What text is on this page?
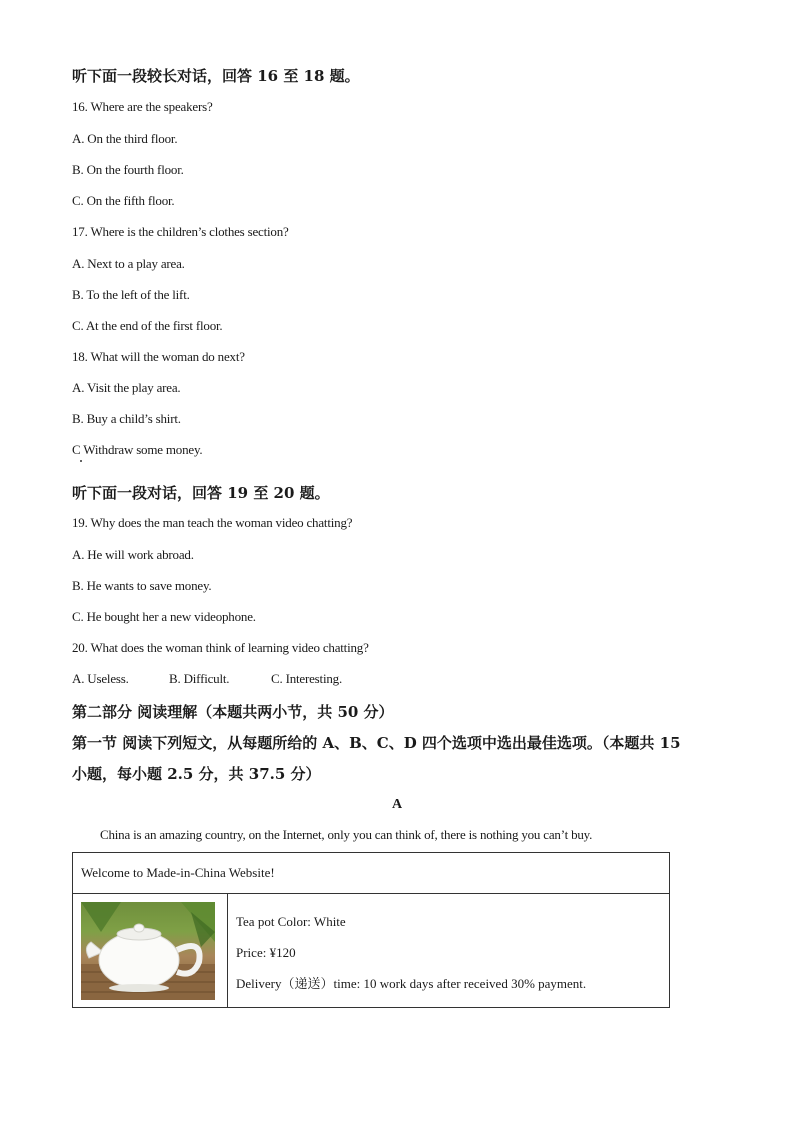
听下面一段较长对话，回答 16 至 18 题。
16. Where are the speakers?
A. On the third floor.
B. On the fourth floor.
C. On the fifth floor.
17. Where is the children’s clothes section?
A. Next to a play area.
B. To the left of the lift.
C. At the end of the first floor.
18. What will the woman do next?
A. Visit the play area.
B. Buy a child’s shirt.
C Withdraw some money.
听下面一段对话，回答 19 至 20 题。
19. Why does the man teach the woman video chatting?
A. He will work abroad.
B. He wants to save money.
C. He bought her a new videophone.
20. What does the woman think of learning video chatting?
A. Useless.	B. Difficult.	C. Interesting.
第二部分 阅读理解（本题共两小节，共 50 分）
第一节 阅读下列短文，从每题所给的 A、B、C、D 四个选项中选出最佳选项。（本题共 15
小题，每小题 2.5 分，共 37.5 分）
A
China is an amazing country, on the Internet, only you can think of, there is nothing you can’t buy.
Welcome to Made-in-China Website!

Tea pot Color: White
Price: ¥120
Delivery（递送）time: 10 work days after received 30% payment.
